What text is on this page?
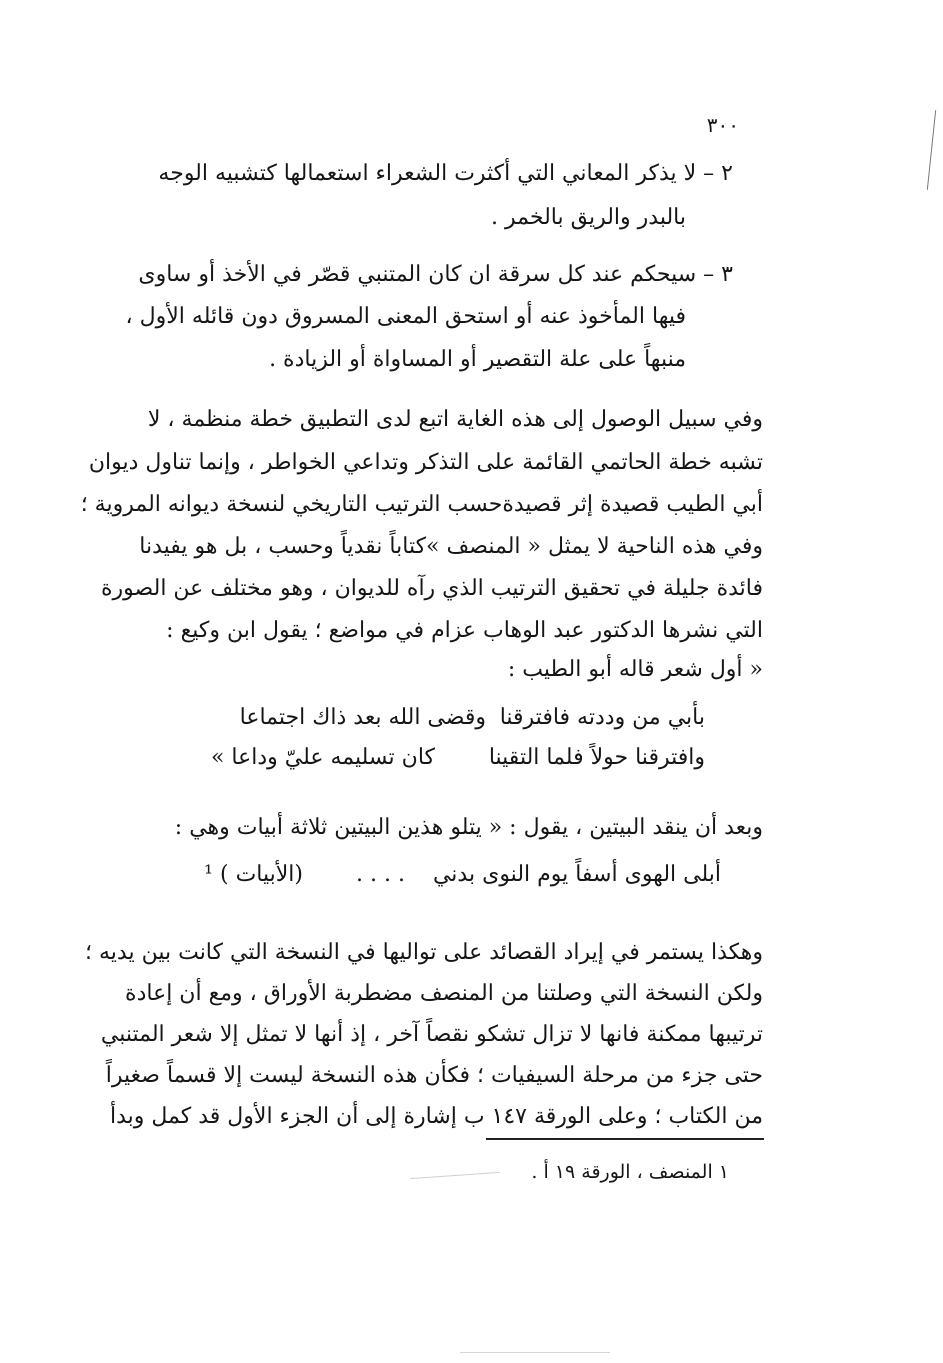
٣٠٠
٢ – لا يذكر المعاني التي أكثرت الشعراء استعمالها كتشبيه الوجه
بالبدر والريق بالخمر .
٣ – سيحكم عند كل سرقة ان كان المتنبي قصّر في الأخذ أو ساوى
فيها المأخوذ عنه أو استحق المعنى المسروق دون قائله الأول ،
منبهاً على علة التقصير أو المساواة أو الزيادة .
وفي سبيل الوصول إلى هذه الغاية اتبع لدى التطبيق خطة منظمة ، لا
تشبه خطة الحاتمي القائمة على التذكر وتداعي الخواطر ، وإنما تناول ديوان
أبي الطيب قصيدة إثر قصيدةحسب الترتيب التاريخي لنسخة ديوانه المروية ؛
وفي هذه الناحية لا يمثل « المنصف »كتاباً نقدياً وحسب ، بل هو يفيدنا
فائدة جليلة في تحقيق الترتيب الذي رآه للديوان ، وهو مختلف عن الصورة
التي نشرها الدكتور عبد الوهاب عزام في مواضع ؛ يقول ابن وكيع :
« أول شعر قاله أبو الطيب :
بأبي من وددته فافترقنا
وقضى الله بعد ذاك اجتماعا
وافترقنا حولاً فلما التقينا
كان تسليمه عليّ وداعا »
وبعد أن ينقد البيتين ، يقول : « يتلو هذين البيتين ثلاثة أبيات وهي :
أبلى الهوى أسفاً يوم النوى بدني
. . . .
(الأبيات ) ¹
وهكذا يستمر في إيراد القصائد على تواليها في النسخة التي كانت بين يديه ؛
ولكن النسخة التي وصلتنا من المنصف مضطربة الأوراق ، ومع أن إعادة
ترتيبها ممكنة فانها لا تزال تشكو نقصاً آخر ، إذ أنها لا تمثل إلا شعر المتنبي
حتى جزء من مرحلة السيفيات ؛ فكأن هذه النسخة ليست إلا قسماً صغيراً
من الكتاب ؛ وعلى الورقة ١٤٧ ب إشارة إلى أن الجزء الأول قد كمل وبدأ
١ المنصف ، الورقة ١٩ أ .
